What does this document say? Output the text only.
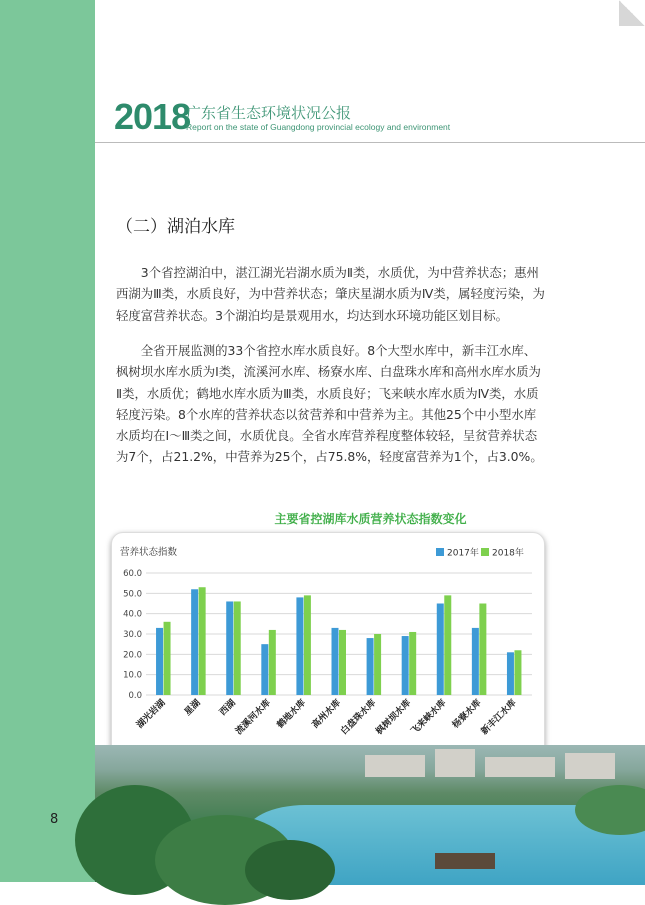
2018
广东省生态环境状况公报
Report on the state of Guangdong provincial ecology and environment
（二）湖泊水库

3个省控湖泊中，湛江湖光岩湖水质为Ⅱ类，水质优，为中营养状态；惠州西湖为Ⅲ类，水质良好，为中营养状态；肇庆星湖水质为Ⅳ类，属轻度污染，为轻度富营养状态。3个湖泊均是景观用水，均达到水环境功能区划目标。

全省开展监测的33个省控水库水质良好。8个大型水库中，新丰江水库、枫树坝水库水质为Ⅰ类，流溪河水库、杨寮水库、白盘珠水库和高州水库水质为Ⅱ类，水质优；鹤地水库水质为Ⅲ类，水质良好；飞来峡水库水质为Ⅳ类，水质轻度污染。8个水库的营养状态以贫营养和中营养为主。其他25个中小型水库水质均在Ⅰ～Ⅲ类之间，水质优良。全省水库营养程度整体较轻，呈贫营养状态为7个，占21.2%，中营养为25个，占75.8%，轻度富营养为1个，占3.0%。

主要省控湖库水质营养状态指数变化
营养状态指数
0.0
10.0
20.0
30.0
40.0
50.0
60.0
2017年 2018年
湖光岩湖 星湖 西湖
流溪河水库 鹤地水库 高州水库
白盘珠水库
枫树坝水库
飞来峡水库 杨寮水库
新丰江水库
8
